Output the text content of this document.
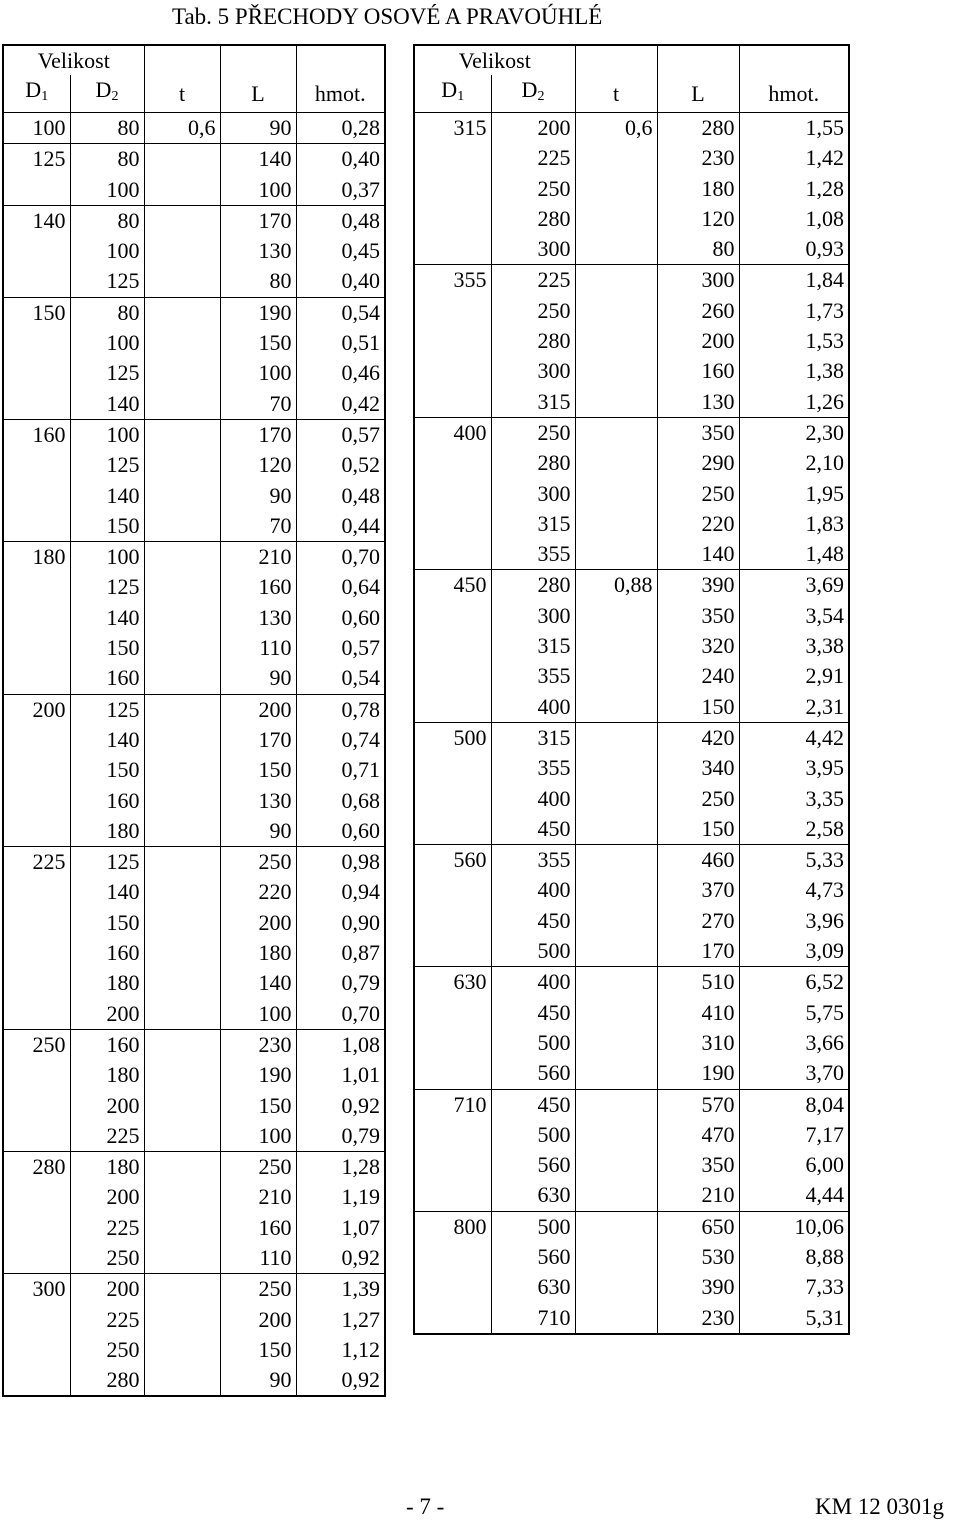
Tab. 5 PŘECHODY OSOVÉ A PRAVOÚHLÉ
Velikost				
$D_1$	$D_2$	t	L	hmot.
100	80	0,6	90	0,28
125	80		140	0,40
	100		100	0,37
140	80		170	0,48
	100		130	0,45
	125		80	0,40
150	80		190	0,54
	100		150	0,51
	125		100	0,46
	140		70	0,42
160	100		170	0,57
	125		120	0,52
	140		90	0,48
	150		70	0,44
180	100		210	0,70
	125		160	0,64
	140		130	0,60
	150		110	0,57
	160		90	0,54
200	125		200	0,78
	140		170	0,74
	150		150	0,71
	160		130	0,68
	180		90	0,60
225	125		250	0,98
	140		220	0,94
	150		200	0,90
	160		180	0,87
	180		140	0,79
	200		100	0,70
250	160		230	1,08
	180		190	1,01
	200		150	0,92
	225		100	0,79
280	180		250	1,28
	200		210	1,19
	225		160	1,07
	250		110	0,92
300	200		250	1,39
	225		200	1,27
	250		150	1,12
	280		90	0,92
Velikost				
$D_1$	$D_2$	t	L	hmot.
315	200	0,6	280	1,55
	225		230	1,42
	250		180	1,28
	280		120	1,08
	300		80	0,93
355	225		300	1,84
	250		260	1,73
	280		200	1,53
	300		160	1,38
	315		130	1,26
400	250		350	2,30
	280		290	2,10
	300		250	1,95
	315		220	1,83
	355		140	1,48
450	280	0,88	390	3,69
	300		350	3,54
	315		320	3,38
	355		240	2,91
	400		150	2,31
500	315		420	4,42
	355		340	3,95
	400		250	3,35
	450		150	2,58
560	355		460	5,33
	400		370	4,73
	450		270	3,96
	500		170	3,09
630	400		510	6,52
	450		410	5,75
	500		310	3,66
	560		190	3,70
710	450		570	8,04
	500		470	7,17
	560		350	6,00
	630		210	4,44
800	500		650	10,06
	560		530	8,88
	630		390	7,33
	710		230	5,31
- 7 -	KM 12 0301g
